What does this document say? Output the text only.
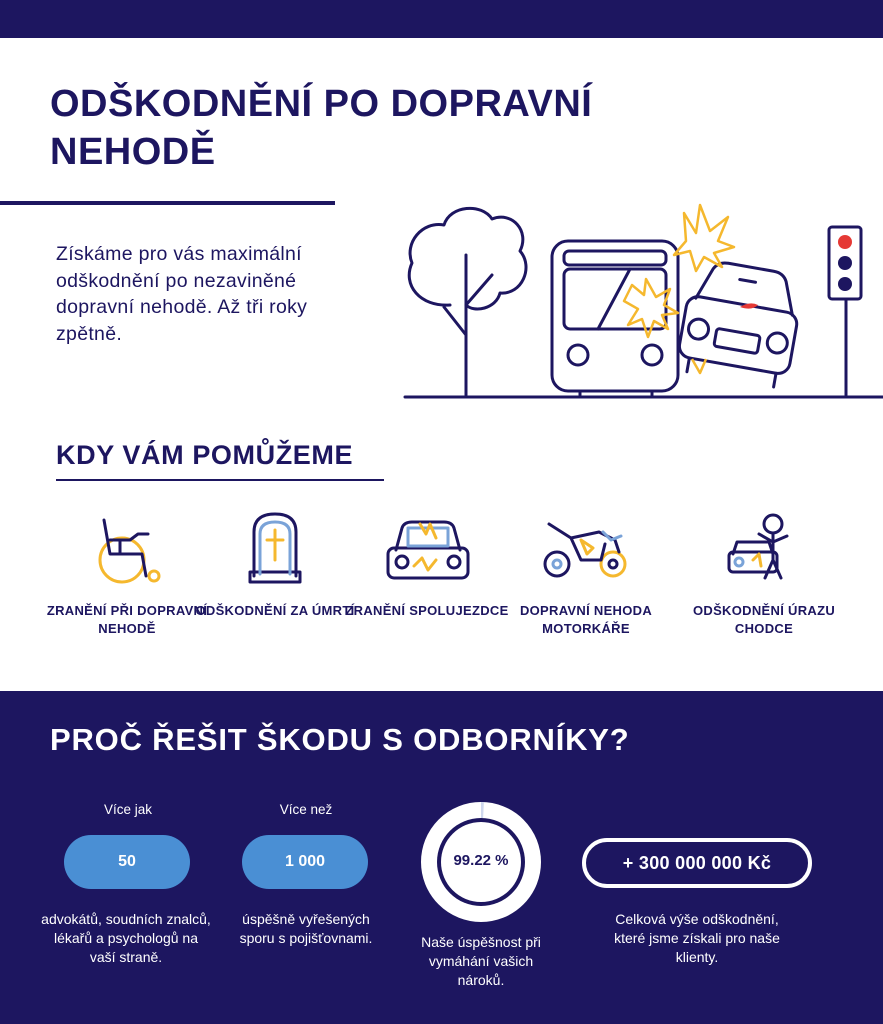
ODŠKODNĚNÍ PO DOPRAVNÍ NEHODĚ

Získáme pro vás maximální odškodnění po nezaviněné dopravní nehodě. Až tři roky zpětně.

KDY VÁM POMŮŽEME
ZRANĚNÍ PŘI DOPRAVNÍ NEHODĚ
ODŠKODNĚNÍ ZA ÚMRTÍ
ZRANĚNÍ SPOLUJEZDCE DOPRAVNÍ NEHODA MOTORKÁŘE
ODŠKODNĚNÍ ÚRAZU CHODCE
PROČ ŘEŠIT ŠKODU S ODBORNÍKY?
Více jak
50
advokátů, soudních znalců, lékařů a psychologů na vaší straně.
Více než
1 000
úspěšně vyřešených sporu s pojišťovnami.
99.22 %
Naše úspěšnost při vymáhání vašich nároků.
+ 300 000 000 Kč
Celková výše odškodnění, které jsme získali pro naše klienty.
